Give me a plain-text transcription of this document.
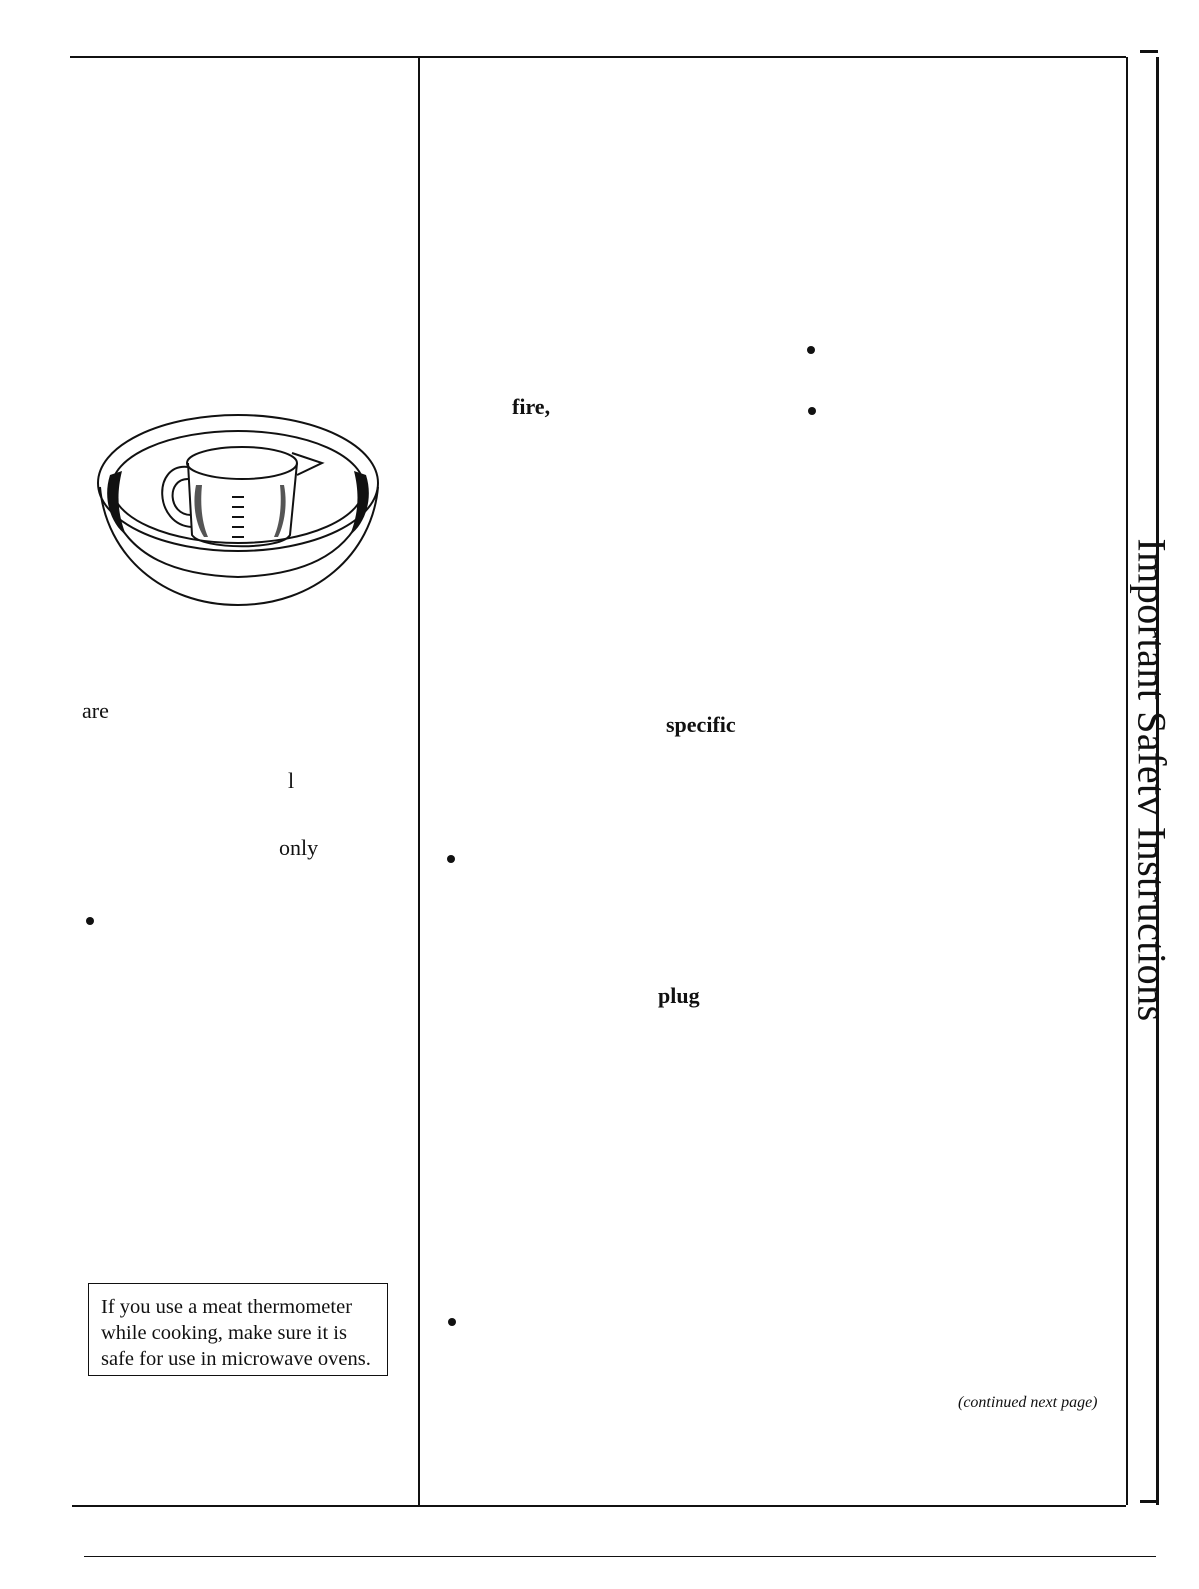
Important Safetv Instructions
are
l
only
If you use a meat thermometer
while cooking, make sure it is
safe for use in microwave ovens.
fire,
specific
plug
(continued next page)
